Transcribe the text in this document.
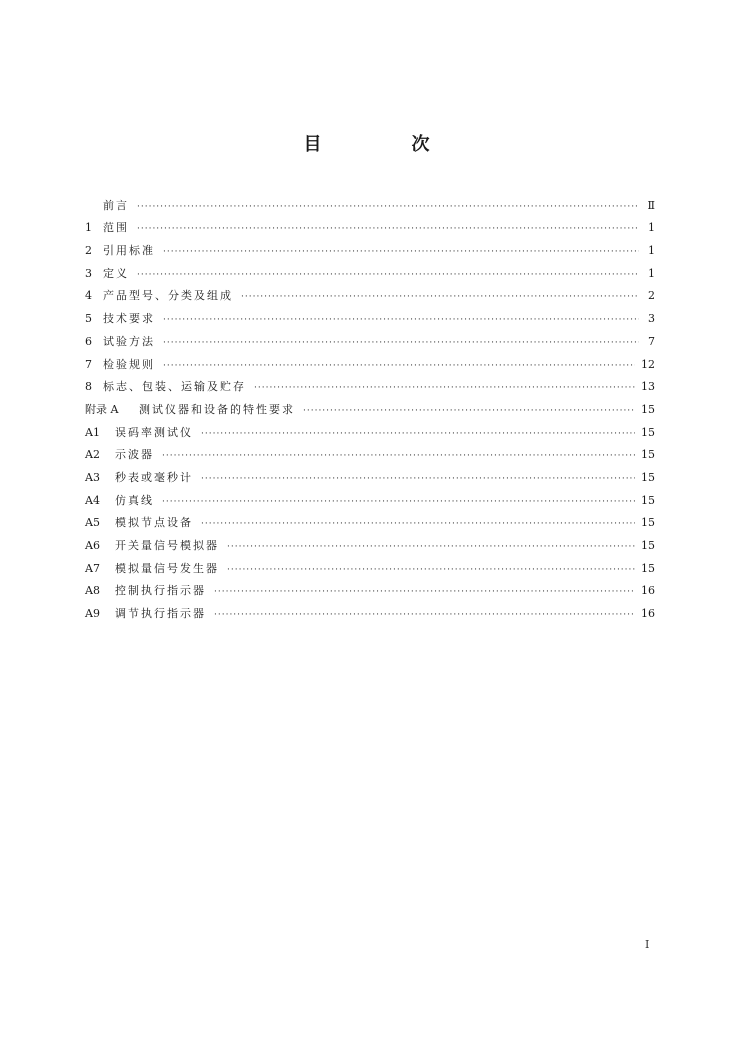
目　次
前言 ·····	Ⅱ
1	范围 ·····	1
2	引用标准 ·····	1
3	定义 ·····	1
4	产品型号、分类及组成 ·····	2
5	技术要求 ·····	3
6	试验方法 ·····	7
7	检验规则 ·····	12
8	标志、包装、运输及贮存 ·····	13
附录 A	测试仪器和设备的特性要求 ·····	15
A1	误码率测试仪 ·····	15
A2	示波器 ·····	15
A3	秒表或毫秒计 ·····	15
A4	仿真线 ·····	15
A5	模拟节点设备 ·····	15
A6	开关量信号模拟器 ·····	15
A7	模拟量信号发生器 ·····	15
A8	控制执行指示器 ·····	16
A9	调节执行指示器 ·····	16
I
